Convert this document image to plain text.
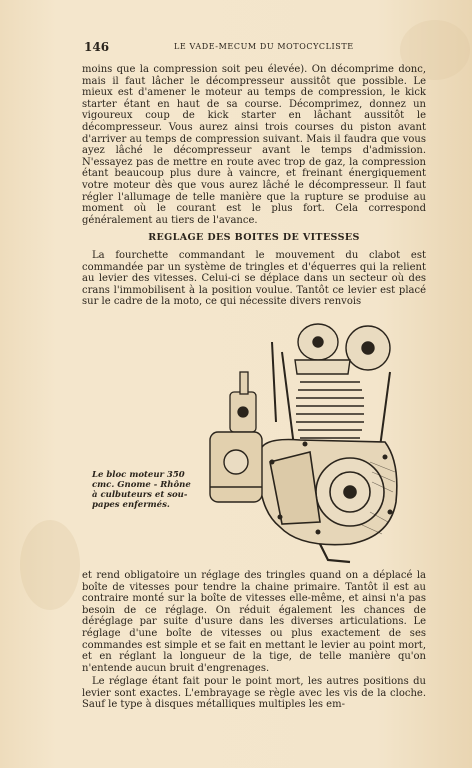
146	LE VADE-MECUM DU MOTOCYCLISTE

moins que la compression soit peu élevée). On décomprime donc, mais il faut lâcher le décompresseur aussitôt que possible. Le mieux est d'amener le moteur au temps de compression, le kick starter étant en haut de sa course. Décomprimez, donnez un vigoureux coup de kick starter en lâchant aussitôt le décompresseur. Vous aurez ainsi trois courses du piston avant d'arriver au temps de compression suivant. Mais il faudra que vous ayez lâché le décompresseur avant le temps d'admission. N'essayez pas de mettre en route avec trop de gaz, la compression étant beaucoup plus dure à vaincre, et freinant énergiquement votre moteur dès que vous aurez lâché le décompresseur. Il faut régler l'allumage de telle manière que la rupture se produise au moment où le courant est le plus fort. Cela correspond généralement au tiers de l'avance.

REGLAGE DES BOITES DE VITESSES

La fourchette commandant le mouvement du clabot est commandée par un système de tringles et d'équerres qui la relient au levier des vitesses. Celui-ci se déplace dans un secteur où des crans l'immobilisent à la position voulue. Tantôt ce levier est placé sur le cadre de la moto, ce qui nécessite divers renvois

Le bloc moteur 350
cmc. Gnome - Rhône
à culbuteurs et sou-
papes enfermés.

et rend obligatoire un réglage des tringles quand on a déplacé la boîte de vitesses pour tendre la chaine primaire. Tantôt il est au contraire monté sur la boîte de vitesses elle-même, et ainsi n'a pas besoin de ce réglage. On réduit également les chances de déréglage par suite d'usure dans les diverses articulations. Le réglage d'une boîte de vitesses ou plus exactement de ses commandes est simple et se fait en mettant le levier au point mort, et en réglant la longueur de la tige, de telle manière qu'on n'entende aucun bruit d'engrenages.

Le réglage étant fait pour le point mort, les autres positions du levier sont exactes. L'embrayage se règle avec les vis de la cloche. Sauf le type à disques métalliques multiples les em-
